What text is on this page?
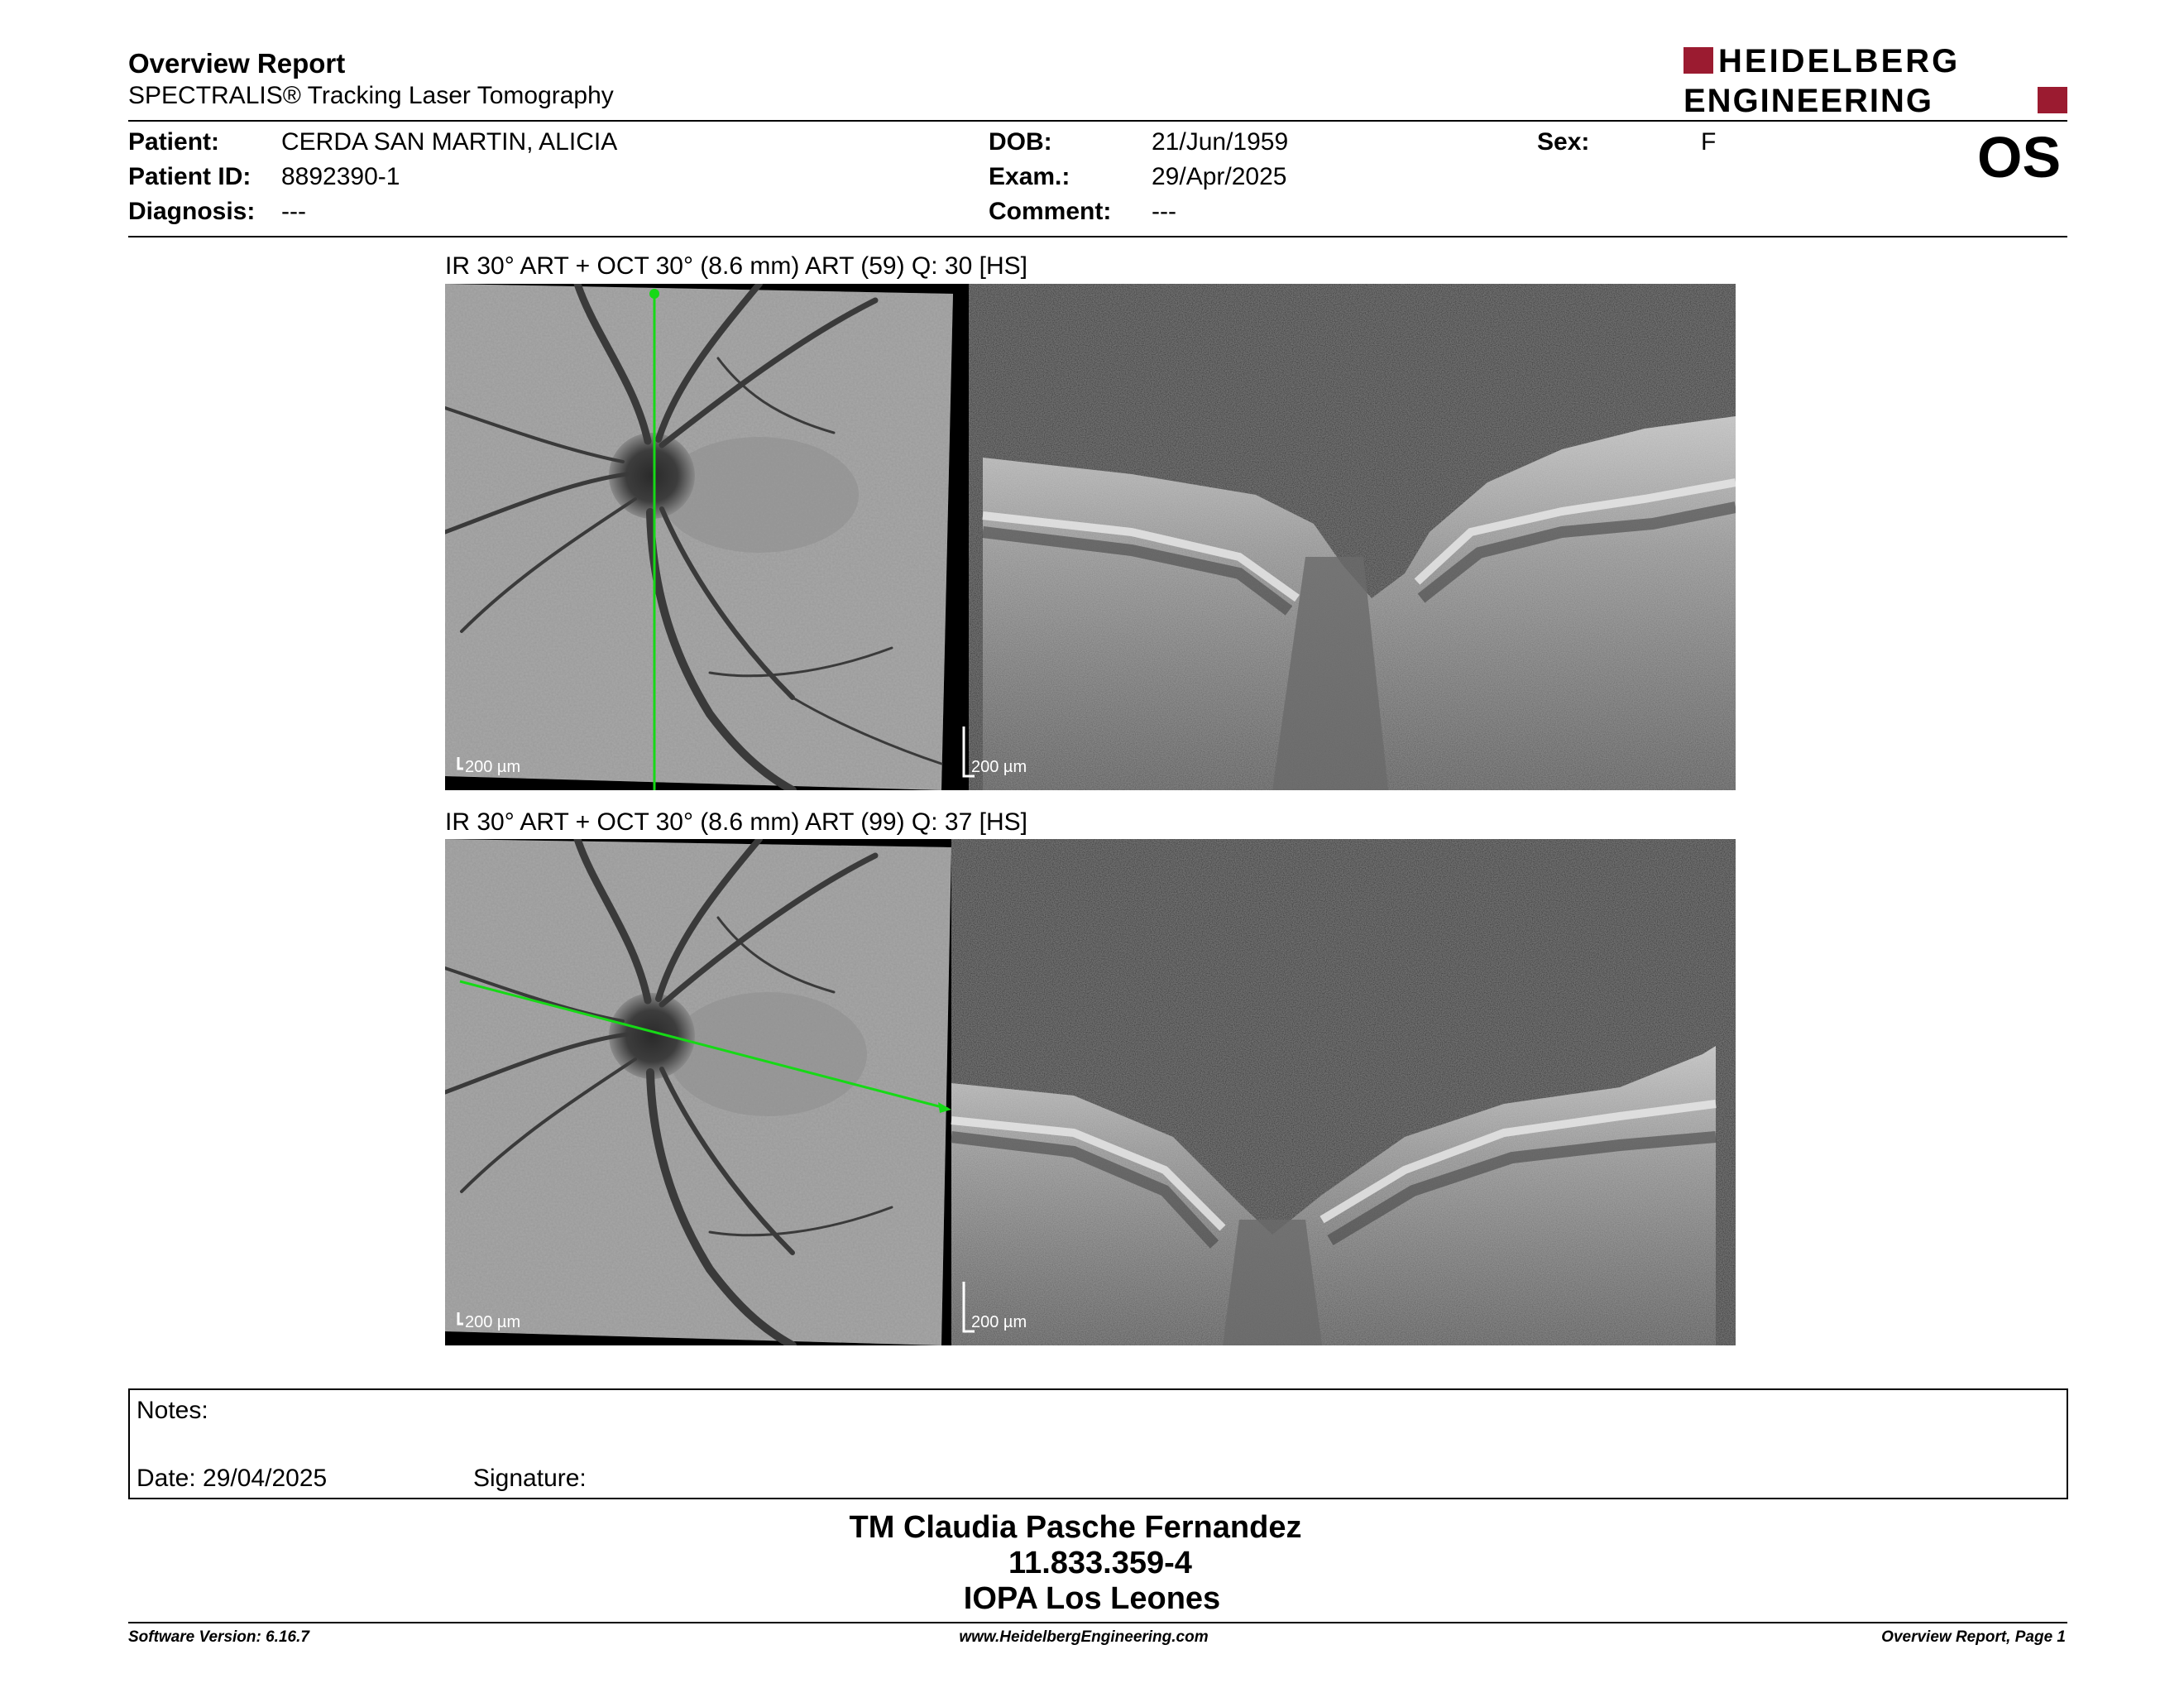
Overview Report
SPECTRALIS® Tracking Laser Tomography
HEIDELBERG
ENGINEERING
Patient: CERDA SAN MARTIN, ALICIA
Patient ID: 8892390-1
Diagnosis: ---
DOB:	21/Jun/1959
Exam.:	29/Apr/2025
Comment: ---
Sex:	F	OS
IR 30° ART + OCT 30° (8.6 mm) ART (59) Q: 30 [HS]
200 µm	200 µm
IR 30° ART + OCT 30° (8.6 mm) ART (99) Q: 37 [HS]
200 µm	200 µm
Notes:
Date: 29/04/2025	Signature:
TM Claudia Pasche Fernandez
11.833.359-4
IOPA Los Leones
Software Version: 6.16.7	www.HeidelbergEngineering.com	Overview Report, Page 1
